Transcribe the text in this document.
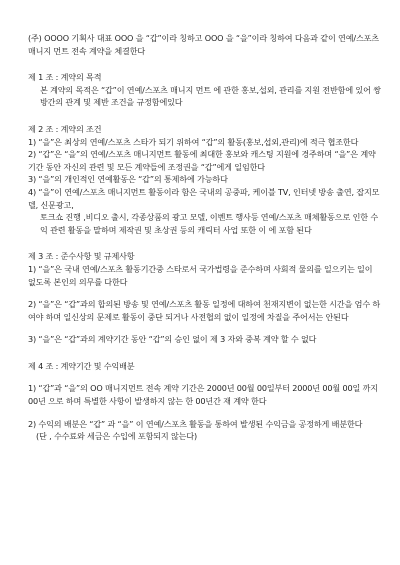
(주) OOOO 기획사 대표 OOO 을 “갑”이라 칭하고 OOO 을 “을”이라 칭하여 다음과 같이 연예/스포츠 매니지 먼트 전속 계약을 체결한다

제 1 조 : 계약의 목적

본 계약의 목적은 “갑”이 연예/스포츠 매니지 먼트 에 관한 홍보,섭외, 관리를 지원 전반함에 있어 쌍방간의 관계 및 제반 조건을 규정함에있다

제 2 조 : 계약의 조건

1) “을”은 최상의 연예/스포츠 스타가 되기 위하여 “갑”의 활동(홍보,섭외,관리)에 적극 협조한다

2) “갑”은 “을”의 연예/스포츠 매니지먼트 활동에 최대한 홍보와 캐스팅 지원에 경주하며 “을”은 계약기간 동안 자신의 관련 및 모든 계약들에 조정권을 “갑”에게 일임한다

3) “을”의 개인적인 연예활동은 “갑”의 통제하에 가능하다

4) “을”이 연예/스포츠 매니지먼트 활동이라 함은 국내의 공중파, 케이블 TV, 인터넷 방송 출연, 잡지모델, 신문광고,

토크쇼 진행 ,비디오 출시, 각종상품의 광고 모델, 이벤트 행사등 연예/스포츠 매체활동으로 인한 수익 관련 활동을 말하며 제작권 및 초상권 등의 캐릭터 사업 또한 이 에 포함 된다

제 3 조 : 준수사항 및 규제사항

1) “을”은 국내 연예/스포츠 활동기간중 스타로서 국가법령을 준수하며 사회적 물의를 일으키는 일이 없도록 본인의 의무를 다한다

2) “을”은 “갑”과의 합의된 방송 및 연예/스포츠 활동 일정에 대하여 천재지변이 없는한 시간을 엄수 하여야 하며 일신상의 문제로 활동이 중단 되거나 사전협의 없이 일정에 차질을 주어서는 안된다

3) “을”은 “갑”과의 계약기간 동안 “갑”의 승인 없이 제 3 자와 중복 계약 할 수 없다

제 4 조 : 계약기간 및 수익배분

1) “갑”과 “을”의 OO 매니지먼트 전속 계약 기간은 2000년 00월 00일부터 2000년 00월 00일 까지 00년 으로 하며 특별한 사항이 발생하지 않는 한 00년간 재 계약 한다

2) 수익의 배분은 “갑” 과 “을” 이 연예/스포츠 활동을 통하여 발생된 수익금을 공정하게 배분한다

(단 , 수수료와 세금은 수입에 포함되지 않는다)
